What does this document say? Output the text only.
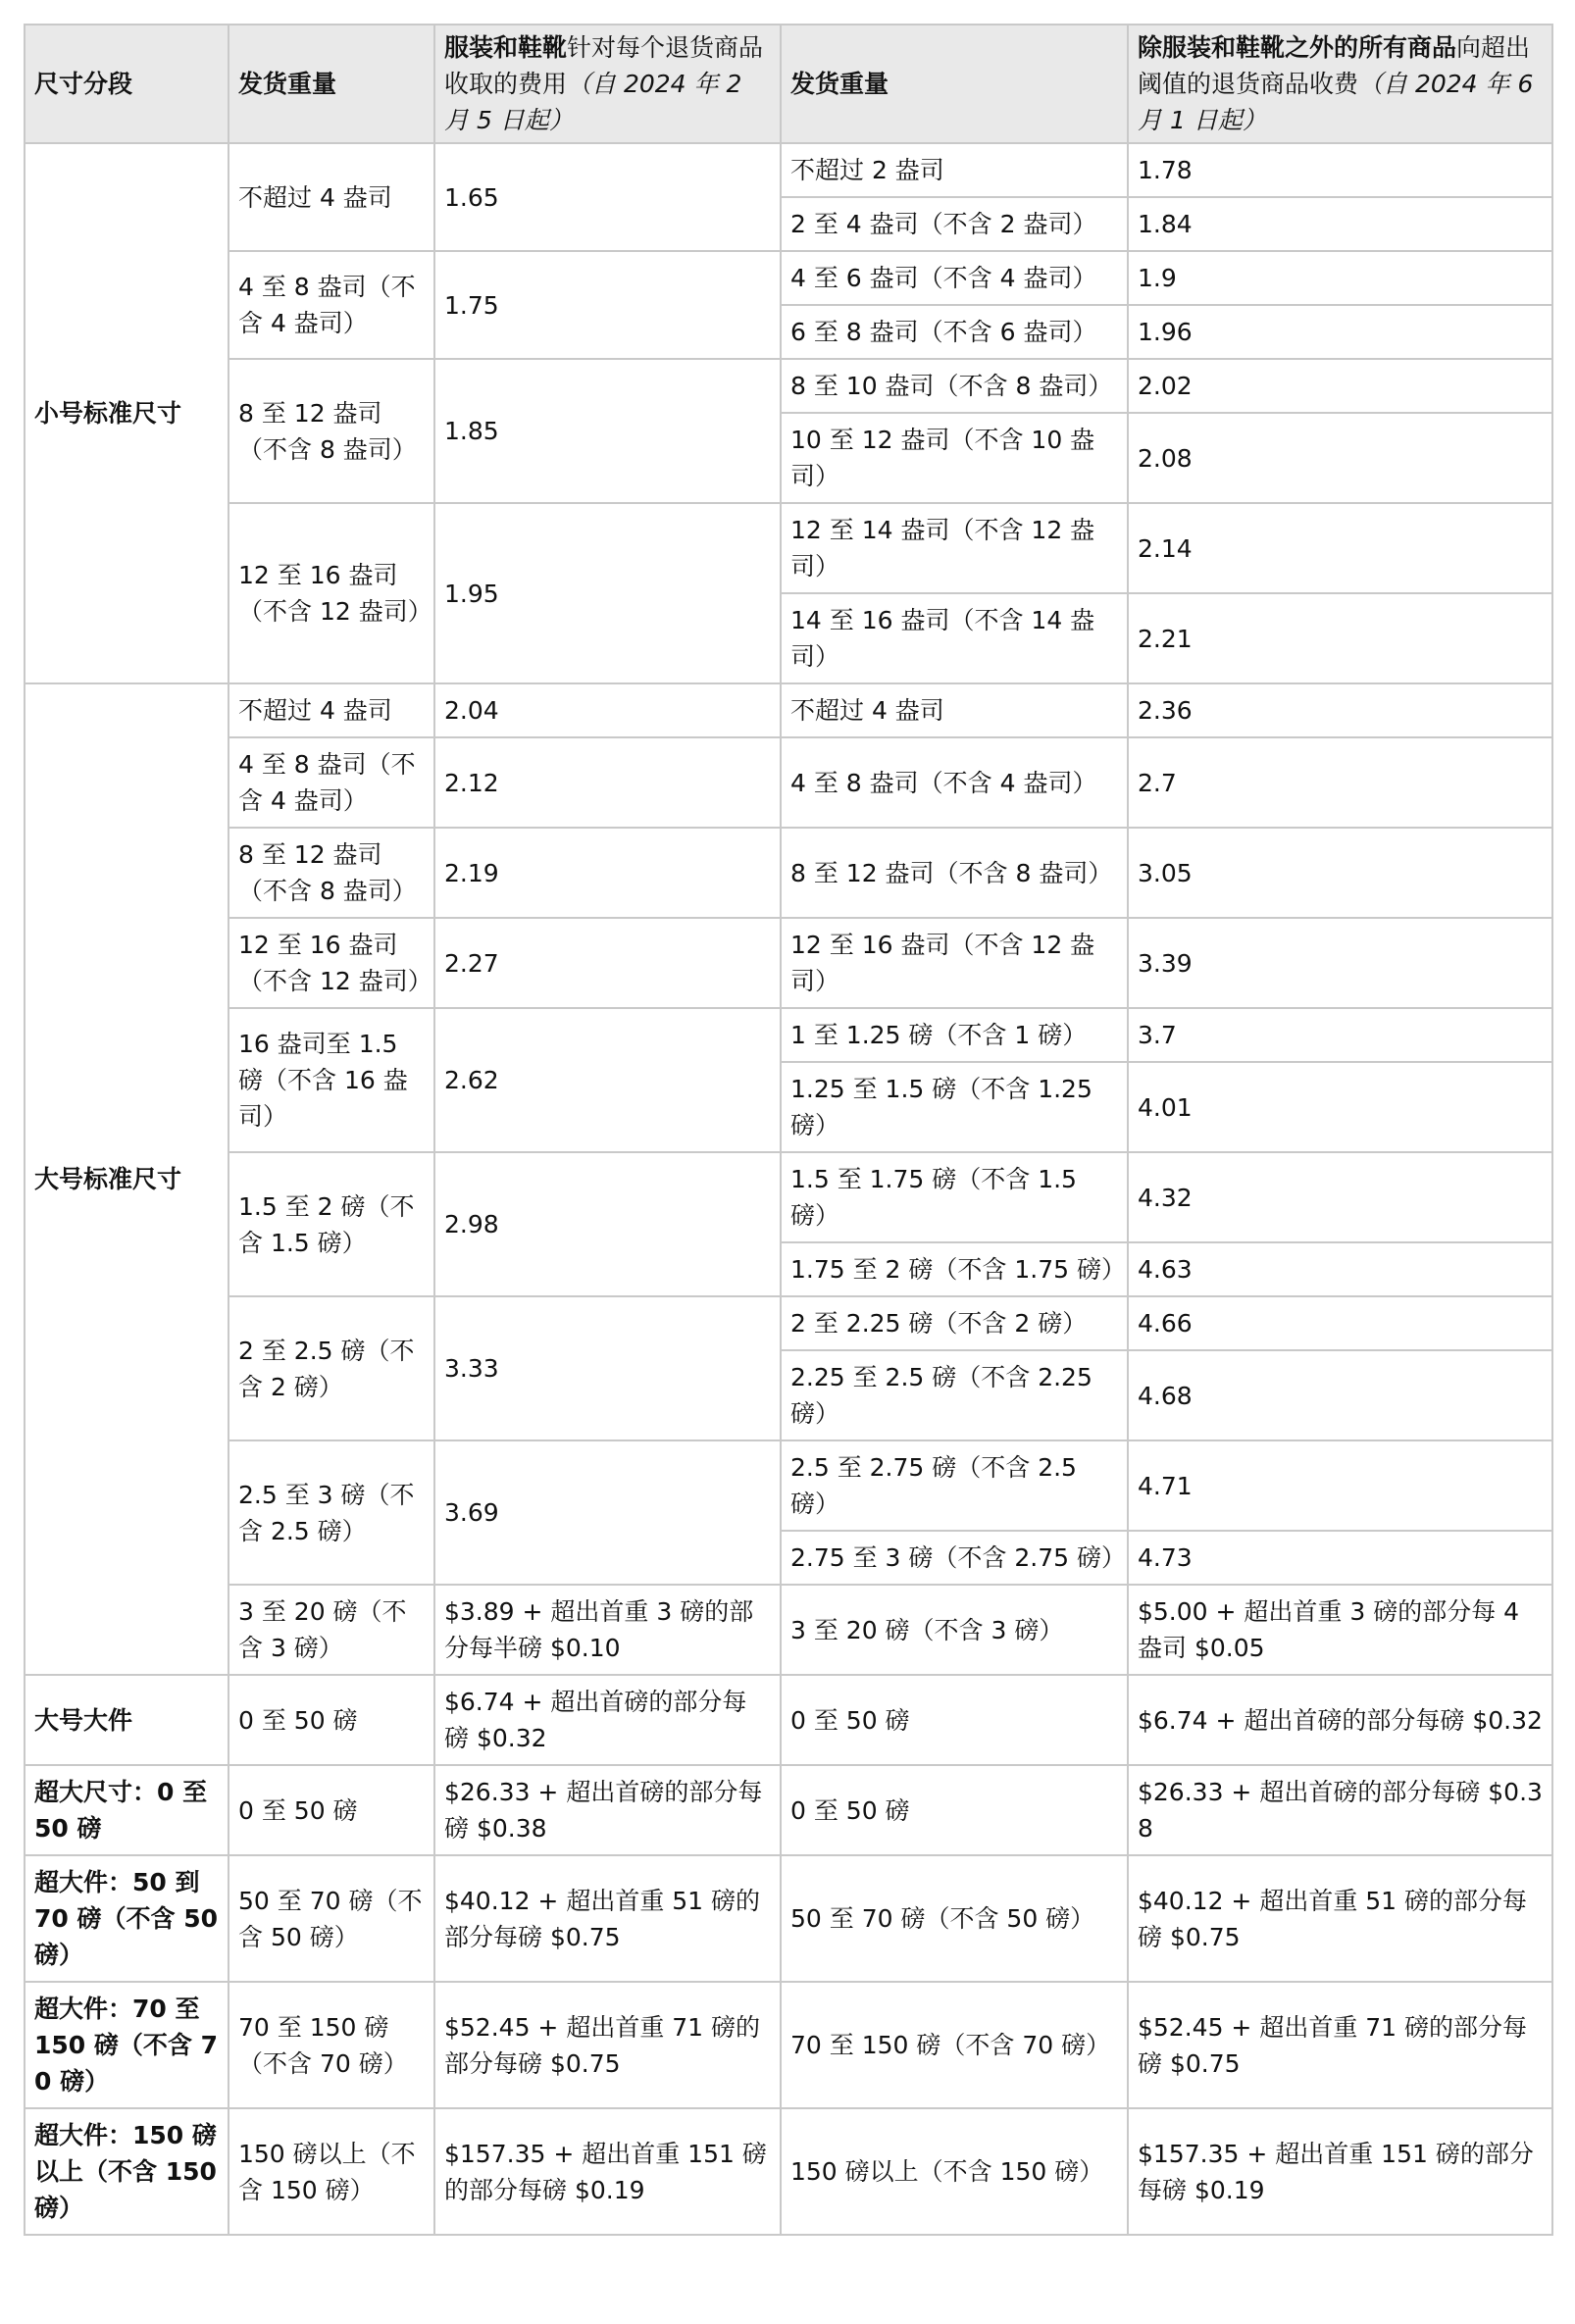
尺寸分段	发货重量	服装和鞋靴针对每个退货商品收取的费用（自 2024 年 2 月 5 日起）	发货重量	除服装和鞋靴之外的所有商品向超出阈值的退货商品收费（自 2024 年 6 月 1 日起）
小号标准尺寸	不超过 4 盎司	1.65	不超过 2 盎司	1.78
			2 至 4 盎司（不含 2 盎司）	1.84
	4 至 8 盎司（不含 4 盎司）	1.75	4 至 6 盎司（不含 4 盎司）	1.9
			6 至 8 盎司（不含 6 盎司）	1.96
	8 至 12 盎司（不含 8 盎司）	1.85	8 至 10 盎司（不含 8 盎司）	2.02
			10 至 12 盎司（不含 10 盎司）	2.08
	12 至 16 盎司（不含 12 盎司）	1.95	12 至 14 盎司（不含 12 盎司）	2.14
			14 至 16 盎司（不含 14 盎司）	2.21
大号标准尺寸	不超过 4 盎司	2.04	不超过 4 盎司	2.36
	4 至 8 盎司（不含 4 盎司）	2.12	4 至 8 盎司（不含 4 盎司）	2.7
	8 至 12 盎司（不含 8 盎司）	2.19	8 至 12 盎司（不含 8 盎司）	3.05
	12 至 16 盎司（不含 12 盎司）	2.27	12 至 16 盎司（不含 12 盎司）	3.39
	16 盎司至 1.5 磅（不含 16 盎司）	2.62	1 至 1.25 磅（不含 1 磅）	3.7
			1.25 至 1.5 磅（不含 1.25 磅）	4.01
	1.5 至 2 磅（不含 1.5 磅）	2.98	1.5 至 1.75 磅（不含 1.5 磅）	4.32
			1.75 至 2 磅（不含 1.75 磅）	4.63
	2 至 2.5 磅（不含 2 磅）	3.33	2 至 2.25 磅（不含 2 磅）	4.66
			2.25 至 2.5 磅（不含 2.25 磅）	4.68
	2.5 至 3 磅（不含 2.5 磅）	3.69	2.5 至 2.75 磅（不含 2.5 磅）	4.71
			2.75 至 3 磅（不含 2.75 磅）	4.73
	3 至 20 磅（不含 3 磅）	$3.89 + 超出首重 3 磅的部分每半磅 $0.10	3 至 20 磅（不含 3 磅）	$5.00 + 超出首重 3 磅的部分每 4 盎司 $0.05
大号大件	0 至 50 磅	$6.74 + 超出首磅的部分每磅 $0.32	0 至 50 磅	$6.74 + 超出首磅的部分每磅 $0.32
超大尺寸：0 至 50 磅	0 至 50 磅	$26.33 + 超出首磅的部分每磅 $0.38	0 至 50 磅	$26.33 + 超出首磅的部分每磅 $0.38
超大件：50 到 70 磅（不含 50 磅）	50 至 70 磅（不含 50 磅）	$40.12 + 超出首重 51 磅的部分每磅 $0.75	50 至 70 磅（不含 50 磅）	$40.12 + 超出首重 51 磅的部分每磅 $0.75
超大件：70 至 150 磅（不含 70 磅）	70 至 150 磅（不含 70 磅）	$52.45 + 超出首重 71 磅的部分每磅 $0.75	70 至 150 磅（不含 70 磅）	$52.45 + 超出首重 71 磅的部分每磅 $0.75
超大件：150 磅以上（不含 150 磅）	150 磅以上（不含 150 磅）	$157.35 + 超出首重 151 磅的部分每磅 $0.19	150 磅以上（不含 150 磅）	$157.35 + 超出首重 151 磅的部分每磅 $0.19
